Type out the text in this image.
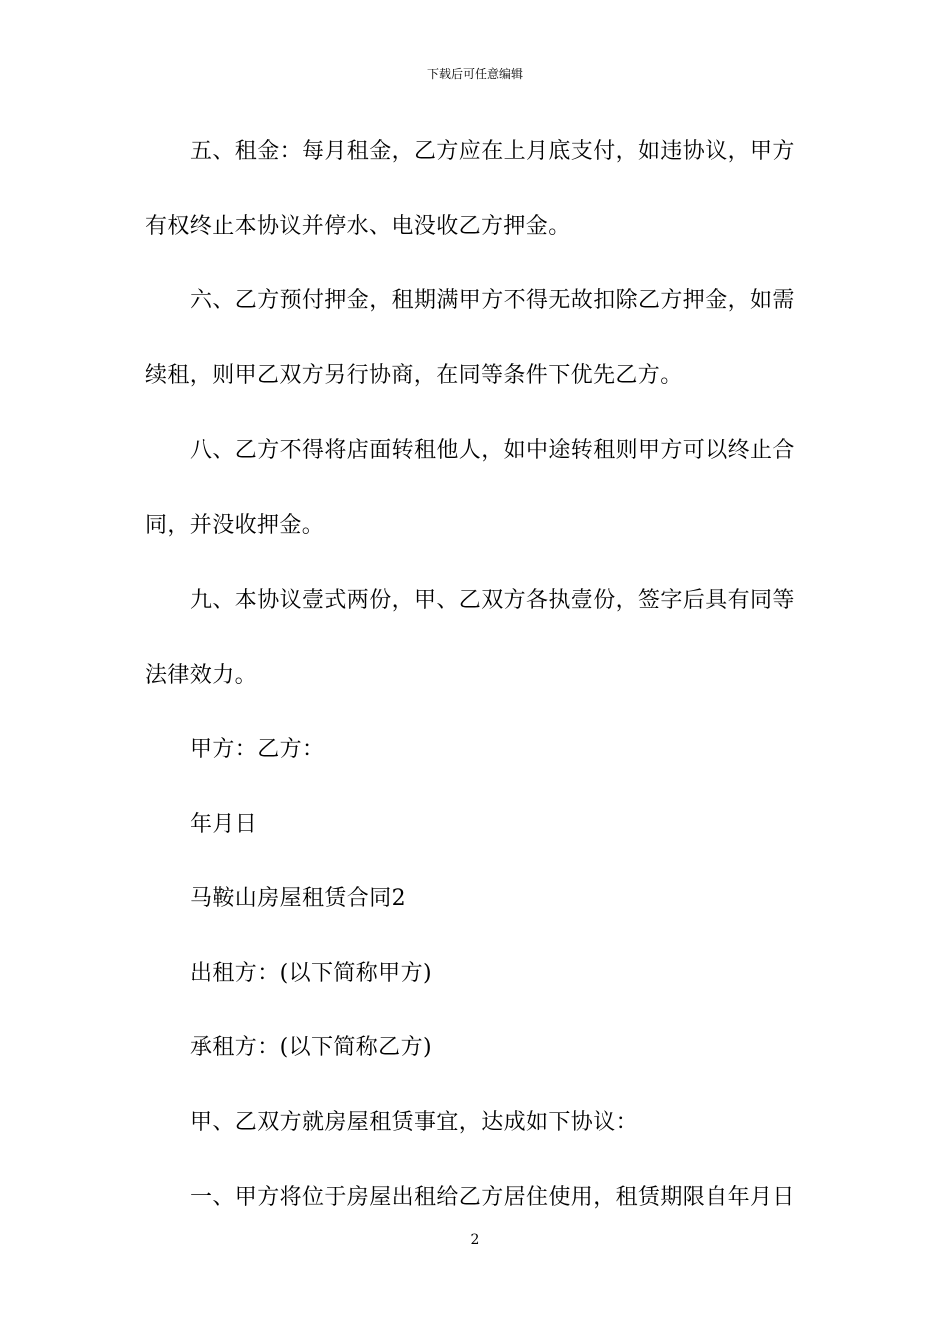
下载后可任意编辑
五、租金：每月租金，乙方应在上月底支付，如违协议，甲方
有权终止本协议并停水、电没收乙方押金。
六、乙方预付押金，租期满甲方不得无故扣除乙方押金，如需
续租，则甲乙双方另行协商，在同等条件下优先乙方。
八、乙方不得将店面转租他人，如中途转租则甲方可以终止合
同，并没收押金。
九、本协议壹式两份，甲、乙双方各执壹份，签字后具有同等
法律效力。
甲方：乙方：
年月日
马鞍山房屋租赁合同2
出租方：(以下简称甲方)
承租方：(以下简称乙方)
甲、乙双方就房屋租赁事宜，达成如下协议：
一、甲方将位于房屋出租给乙方居住使用，租赁期限自年月日
2
